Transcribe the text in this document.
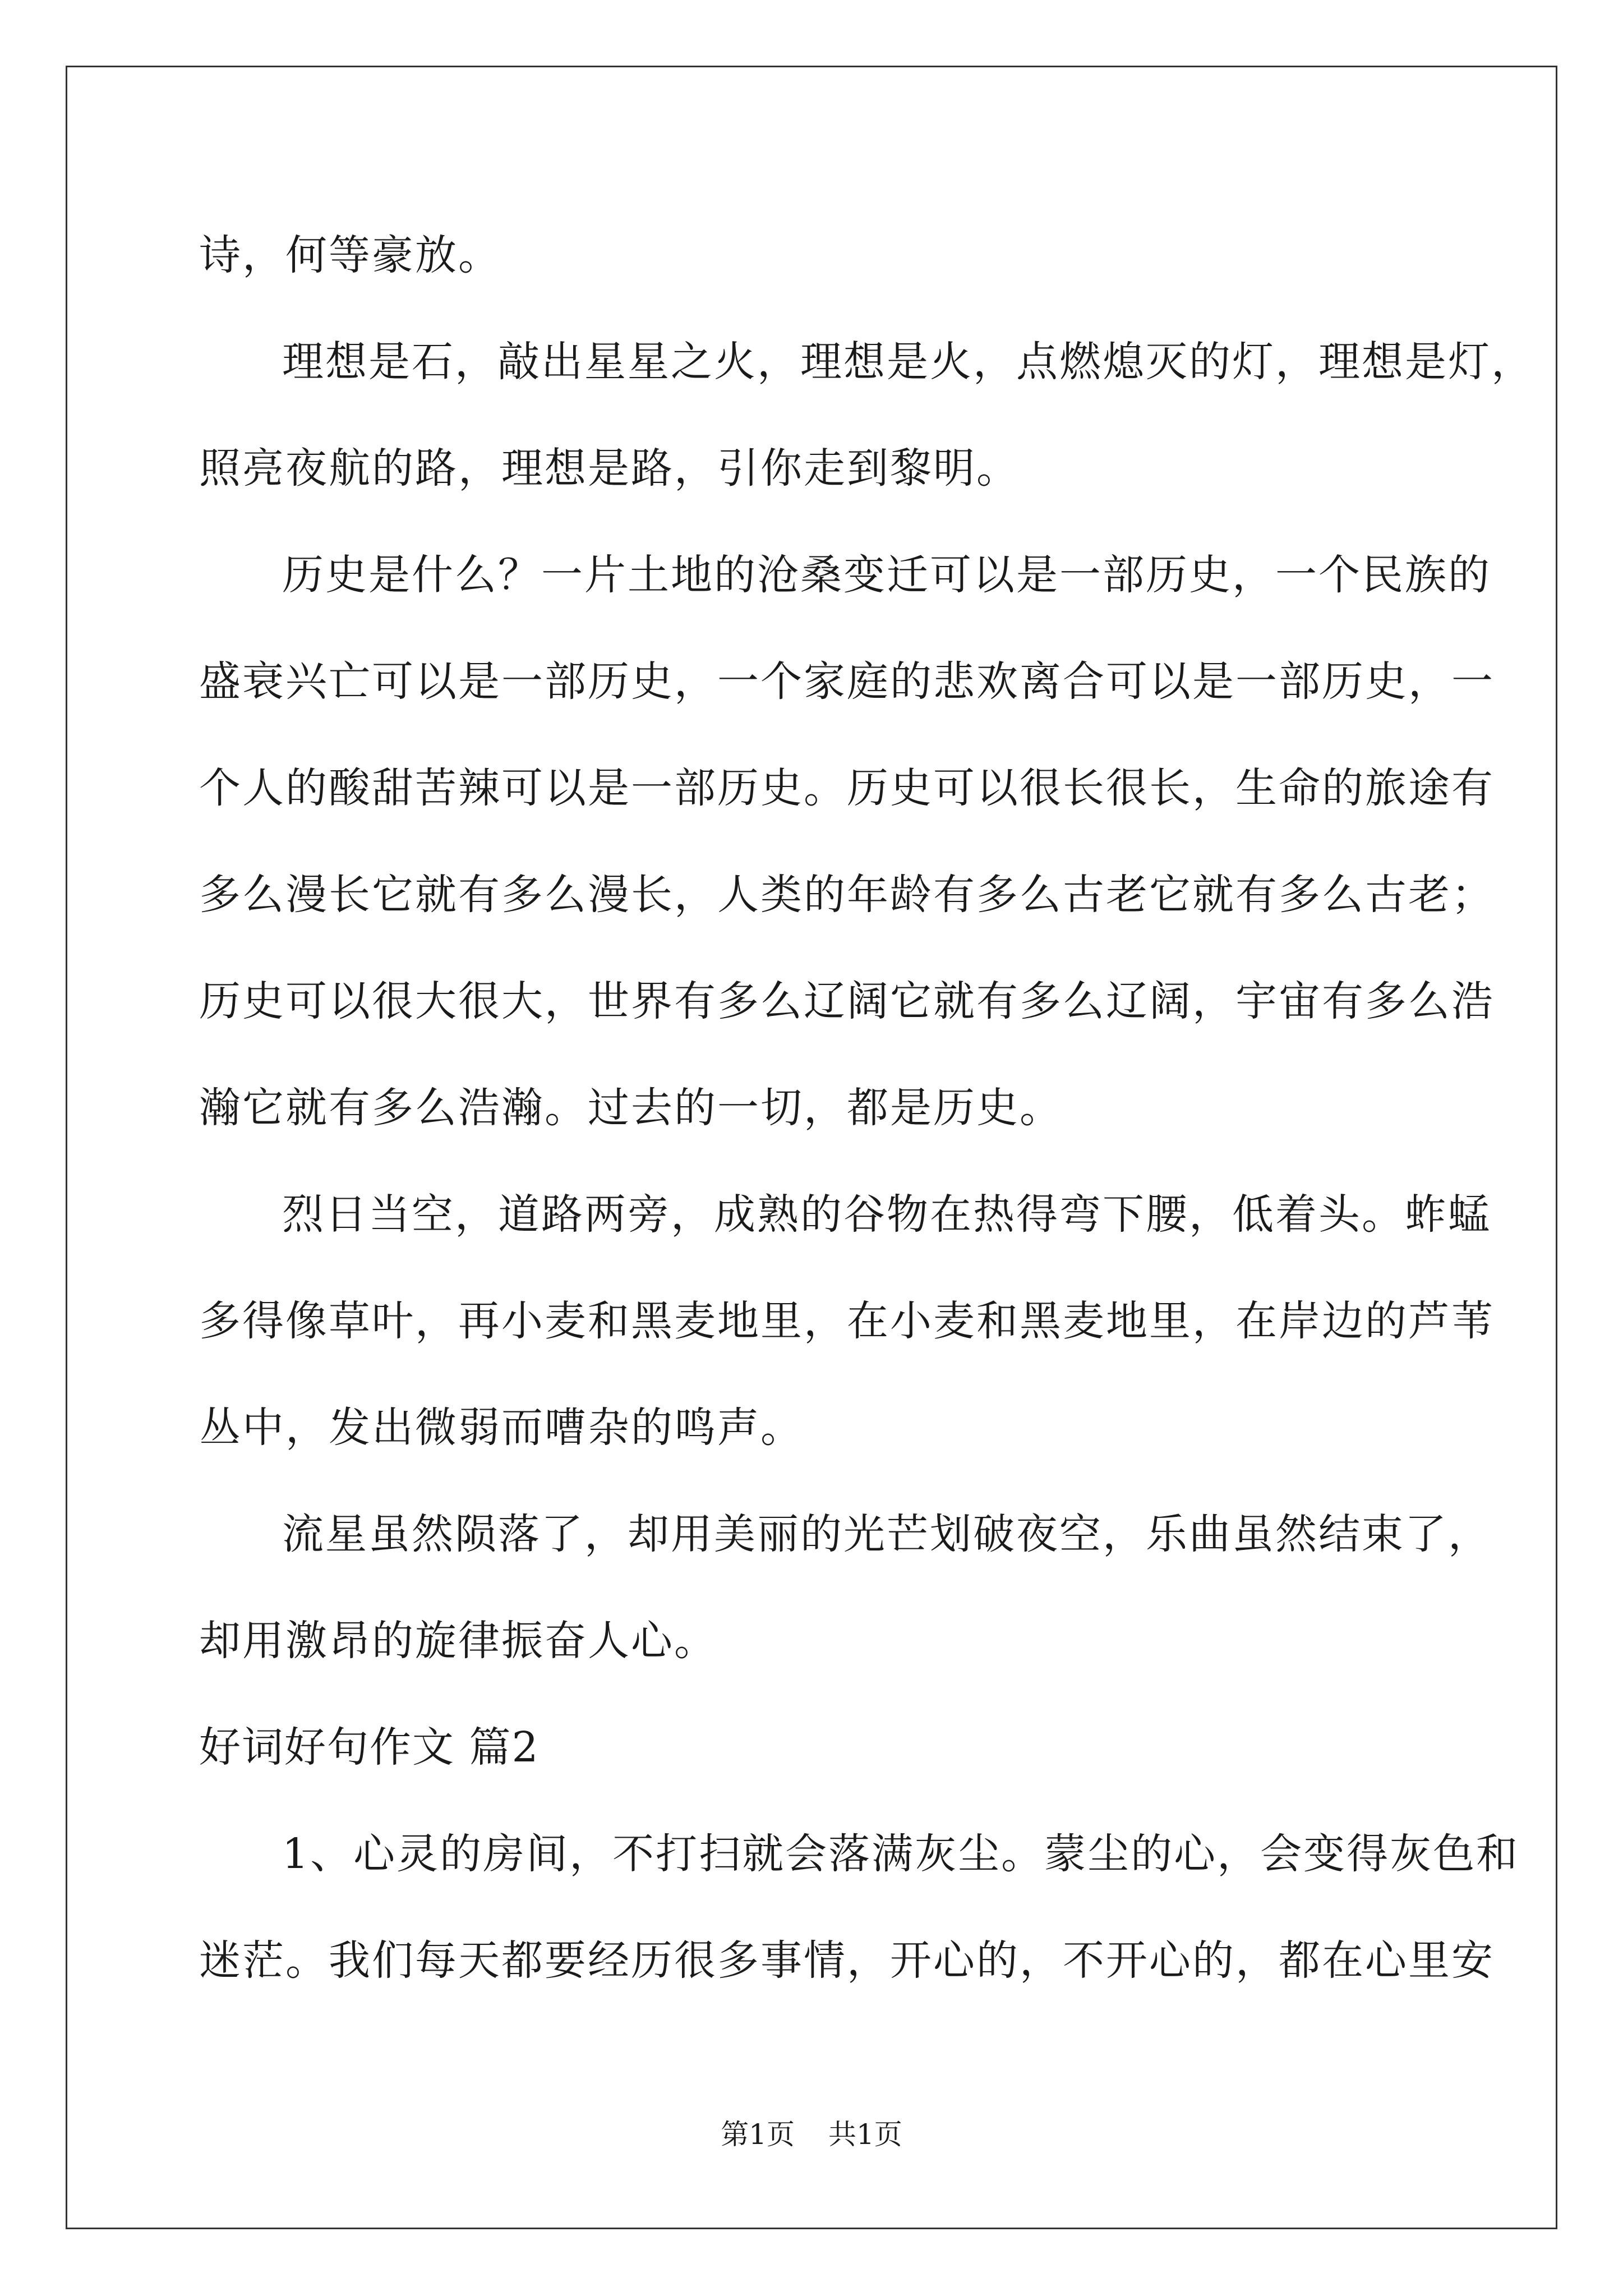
诗，何等豪放。
理想是石，敲出星星之火，理想是火，点燃熄灭的灯，理想是灯，
照亮夜航的路，理想是路，引你走到黎明。
历史是什么？一片土地的沧桑变迁可以是一部历史，一个民族的
盛衰兴亡可以是一部历史，一个家庭的悲欢离合可以是一部历史，一
个人的酸甜苦辣可以是一部历史。历史可以很长很长，生命的旅途有
多么漫长它就有多么漫长，人类的年龄有多么古老它就有多么古老；
历史可以很大很大，世界有多么辽阔它就有多么辽阔，宇宙有多么浩
瀚它就有多么浩瀚。过去的一切，都是历史。
烈日当空，道路两旁，成熟的谷物在热得弯下腰，低着头。蚱蜢
多得像草叶，再小麦和黑麦地里，在小麦和黑麦地里，在岸边的芦苇
丛中，发出微弱而嘈杂的鸣声。
流星虽然陨落了，却用美丽的光芒划破夜空，乐曲虽然结束了，
却用激昂的旋律振奋人心。
好词好句作文 篇2
1、心灵的房间，不打扫就会落满灰尘。蒙尘的心，会变得灰色和
迷茫。我们每天都要经历很多事情，开心的，不开心的，都在心里安
第1页 共1页
